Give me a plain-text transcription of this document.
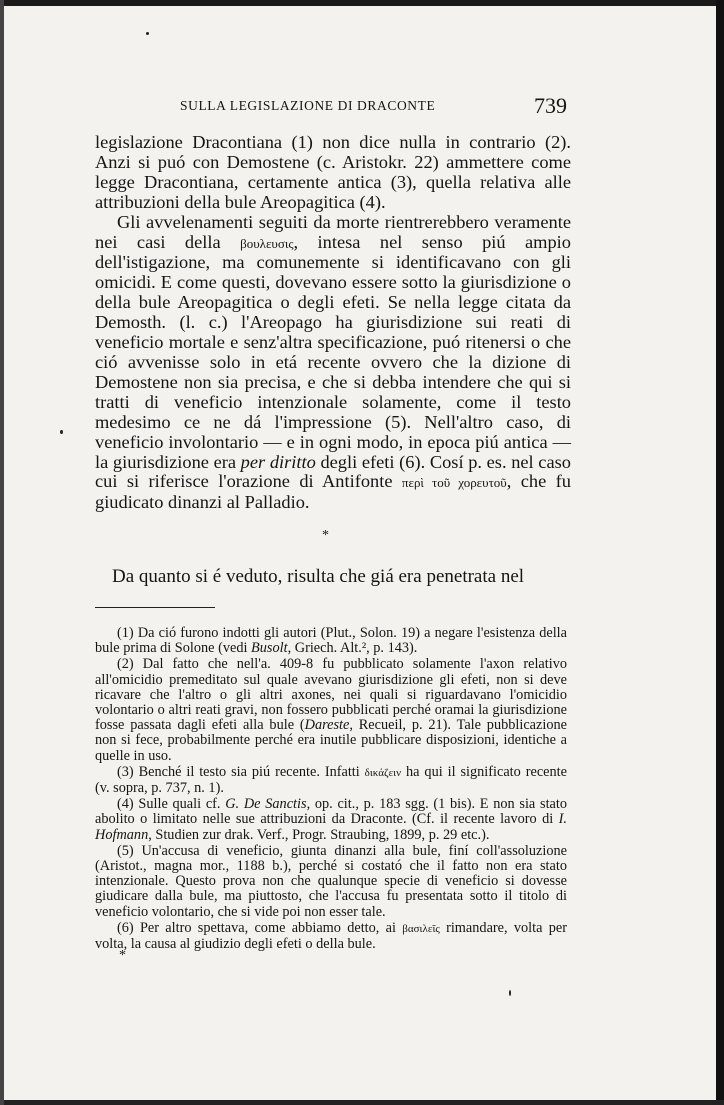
SULLA LEGISLAZIONE DI DRACONTE	739

legislazione Dracontiana (1) non dice nulla in contrario (2). Anzi si puó con Demostene (c. Aristokr. 22) ammettere come legge Dracontiana, certamente antica (3), quella relativa alle attribuzioni della bule Areopagitica (4).

Gli avvelenamenti seguiti da morte rientrerebbero veramente nei casi della βουλευσις, intesa nel senso piú ampio dell'istigazione, ma comunemente si identificavano con gli omicidi. E come questi, dovevano essere sotto la giurisdizione o della bule Areopagitica o degli efeti. Se nella legge citata da Demosth. (l. c.) l'Areopago ha giurisdizione sui reati di veneficio mortale e senz'altra specificazione, puó ritenersi o che ció avvenisse solo in etá recente ovvero che la dizione di Demostene non sia precisa, e che si debba intendere che qui si tratti di veneficio intenzionale solamente, come il testo medesimo ce ne dá l'impressione (5). Nell'altro caso, di veneficio involontario — e in ogni modo, in epoca piú antica — la giurisdizione era per diritto degli efeti (6). Cosí p. es. nel caso cui si riferisce l'orazione di Antifonte περὶ τοῦ χορευτοῦ, che fu giudicato dinanzi al Palladio.

*
Da quanto si é veduto, risulta che giá era penetrata nel

(1) Da ció furono indotti gli autori (Plut., Solon. 19) a negare l'esistenza della bule prima di Solone (vedi Busolt, Griech. Alt.², p. 143).

(2) Dal fatto che nell'a. 409-8 fu pubblicato solamente l'axon relativo all'omicidio premeditato sul quale avevano giurisdizione gli efeti, non si deve ricavare che l'altro o gli altri axones, nei quali si riguardavano l'omicidio volontario o altri reati gravi, non fossero pubblicati perché oramai la giurisdizione fosse passata dagli efeti alla bule (Dareste, Recueil, p. 21). Tale pubblicazione non si fece, probabilmente perché era inutile pubblicare disposizioni, identiche a quelle in uso.

(3) Benché il testo sia piú recente. Infatti δικάζειν ha qui il significato recente (v. sopra, p. 737, n. 1).

(4) Sulle quali cf. G. De Sanctis, op. cit., p. 183 sgg. (1 bis). E non sia stato abolito o limitato nelle sue attribuzioni da Draconte. (Cf. il recente lavoro di I. Hofmann, Studien zur drak. Verf., Progr. Straubing, 1899, p. 29 etc.).

(5) Un'accusa di veneficio, giunta dinanzi alla bule, finí coll'assoluzione (Aristot., magna mor., 1188 b.), perché si costató che il fatto non era stato intenzionale. Questo prova non che qualunque specie di veneficio si dovesse giudicare dalla bule, ma piuttosto, che l'accusa fu presentata sotto il titolo di veneficio volontario, che si vide poi non esser tale.

(6) Per altro spettava, come abbiamo detto, ai βασιλεῖς rimandare, volta per volta, la causa al giudizio degli efeti o della bule.

*
